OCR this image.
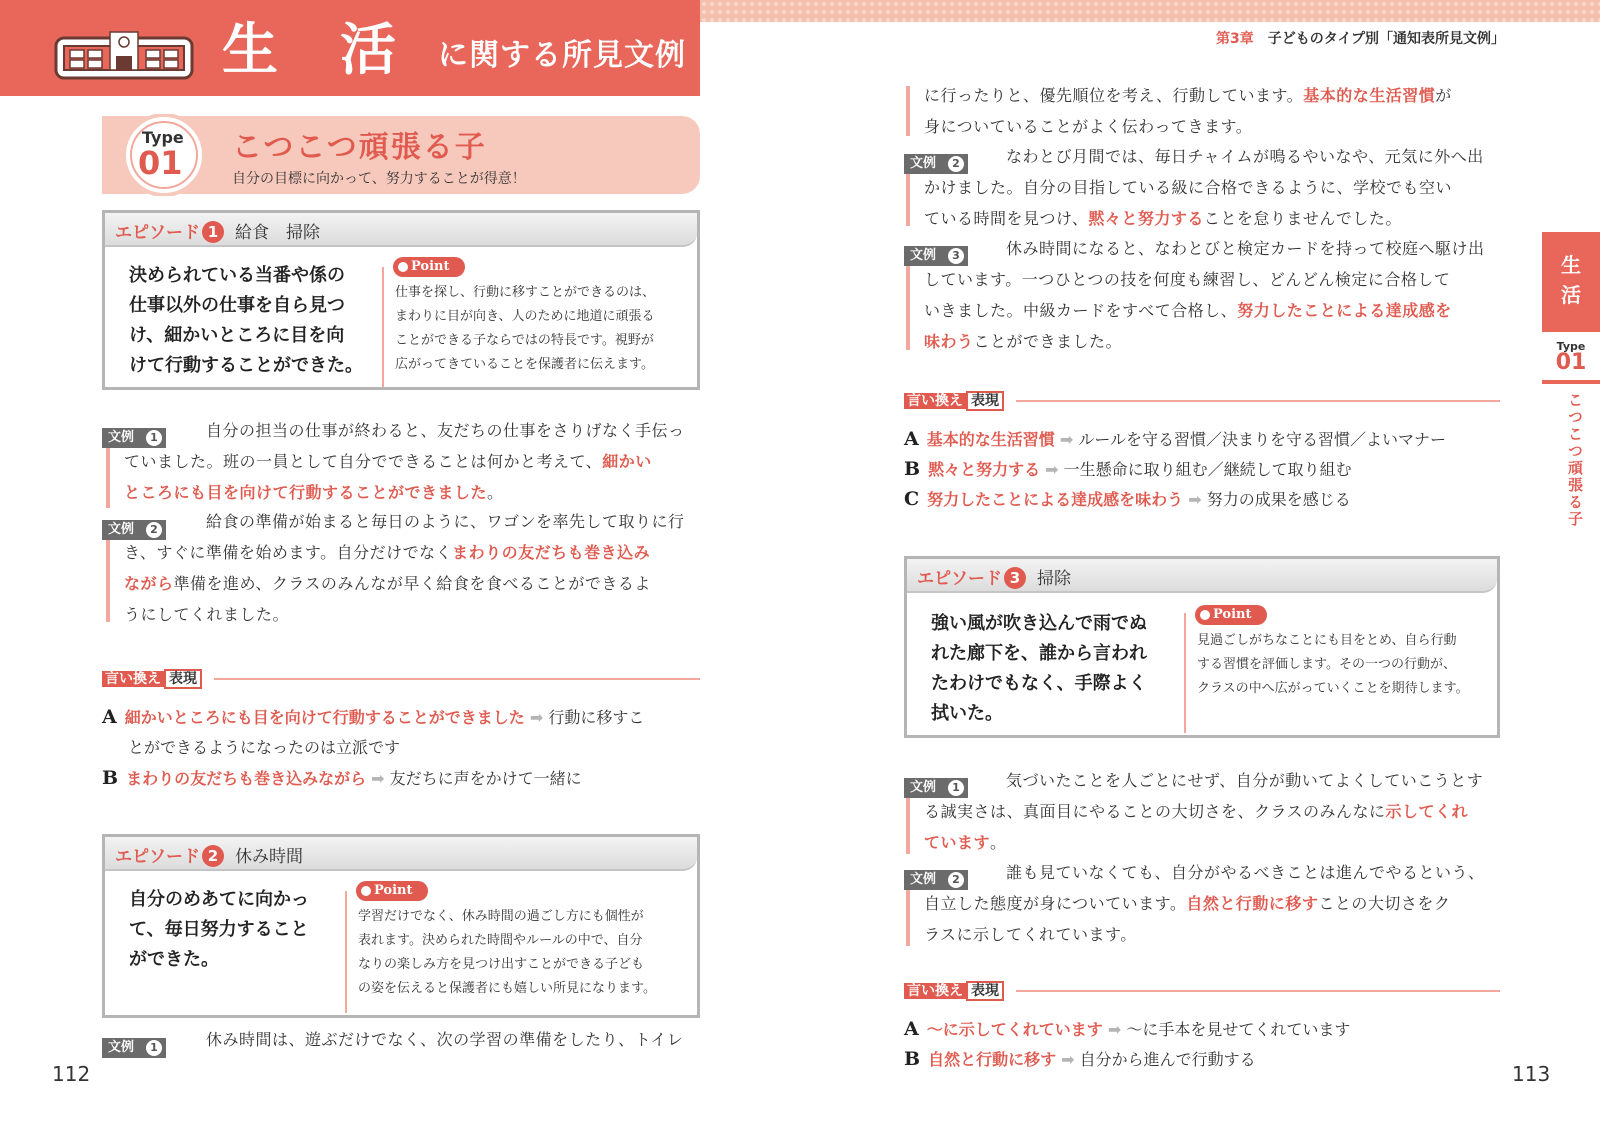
生 活 に関する所見文例	第3章　 子どものタイプ別「通知表所見文例」
Type
01 こつこつ頑張る子
自分の目標に向かって、努力することが得意！
エピソード 1 給食　掃除
決められている当番や係の
仕事以外の仕事を自ら見つ
け、細かいところに目を向
けて行動することができた。
Point
仕事を探し、行動に移すことができるのは、
まわりに目が向き、人のために地道に頑張る
ことができる子ならではの特長です。視野が
広がってきていることを保護者に伝えます。
文例	1	自分の担当の仕事が終わると、友だちの仕事をさりげなく手伝っ
ていました。班の一員として自分でできることは何かと考えて、細かい
ところにも目を向けて行動することができました。
文例	2	給食の準備が始まると毎日のように、ワゴンを率先して取りに行
き、すぐに準備を始めます。自分だけでなくまわりの友だちも巻き込み
ながら準備を進め、クラスのみんなが早く給食を食べることができるよ
うにしてくれました。
言い換え 表現
A 細かいところにも目を向けて行動することができました ➡ 行動に移すこ
とができるようになったのは立派です
B まわりの友だちも巻き込みながら ➡ 友だちに声をかけて一緒に
エピソード 2 休み時間
自分のめあてに向かっ
て、毎日努力すること
ができた。
Point
学習だけでなく、休み時間の過ごし方にも個性が
表れます。決められた時間やルールの中で、自分
なりの楽しみ方を見つけ出すことができる子ども
の姿を伝えると保護者にも嬉しい所見になります。
文例	1	休み時間は、遊ぶだけでなく、次の学習の準備をしたり、トイレ
112
に行ったりと、優先順位を考え、行動しています。基本的な生活習慣が
身についていることがよく伝わってきます。
文例	2	なわとび月間では、毎日チャイムが鳴るやいなや、元気に外へ出
かけました。自分の目指している級に合格できるように、学校でも空い
ている時間を見つけ、黙々と努力することを怠りませんでした。
文例	3	休み時間になると、なわとびと検定カードを持って校庭へ駆け出
しています。一つひとつの技を何度も練習し、どんどん検定に合格して
いきました。中級カードをすべて合格し、努力したことによる達成感を
味わうことができました。
言い換え 表現
A 基本的な生活習慣 ➡ ルールを守る習慣／決まりを守る習慣／よいマナー
B 黙々と努力する ➡ 一生懸命に取り組む／継続して取り組む
C 努力したことによる達成感を味わう ➡ 努力の成果を感じる
エピソード 3 掃除
強い風が吹き込んで雨でぬ
れた廊下を、誰から言われ
たわけでもなく、手際よく
拭いた。
Point
見過ごしがちなことにも目をとめ、自ら行動
する習慣を評価します。その一つの行動が、
クラスの中へ広がっていくことを期待します。
文例	1	気づいたことを人ごとにせず、自分が動いてよくしていこうとす
る誠実さは、真面目にやることの大切さを、クラスのみんなに示してくれ
ています。
文例	2	誰も見ていなくても、自分がやるべきことは進んでやるという、
自立した態度が身についています。自然と行動に移すことの大切さをク
ラスに示してくれています。
言い換え 表現
A 〜に示してくれています ➡ 〜に手本を見せてくれています
B 自然と行動に移す ➡ 自分から進んで行動する
113
生
活
Type
01
こつこつ頑張る子
